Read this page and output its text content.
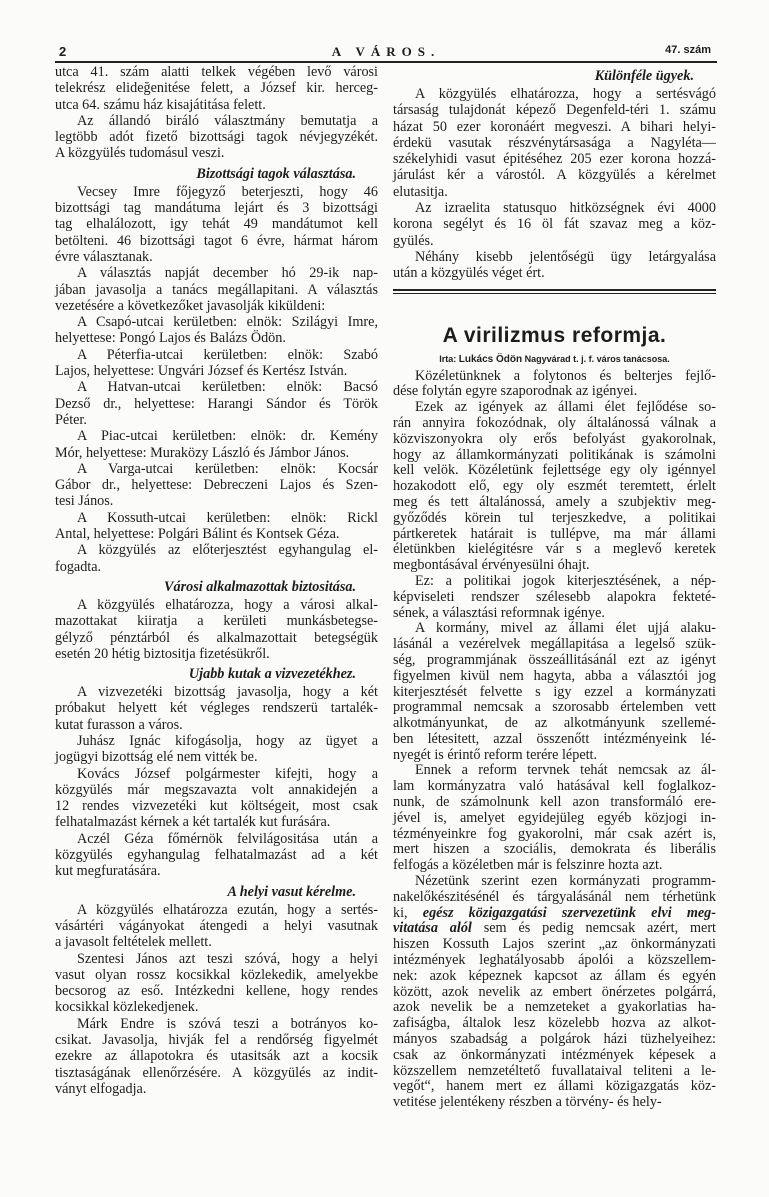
2	A VÁROS.	47. szám
utca 41. szám alatti telkek végében levő városi
telekrész elideğenitése felett, a József kir. herceg-
utca 64. számu ház kisajátitása felett.
Az állandó biráló választmány bemutatja a
legtöbb adót fizető bizottsági tagok névjegyzékét.
A közgyülés tudomásul veszi.
Bizottsági tagok választása.
Vecsey Imre főjegyző beterjeszti, hogy 46
bizottsági tag mandátuma lejárt és 3 bizottsági
tag elhalálozott, igy tehát 49 mandátumot kell
betölteni. 46 bizottsági tagot 6 évre, hármat három
évre választanak.
A választás napját december hó 29-ik nap-
jában javasolja a tanács megállapitani. A választás
vezetésére a következőket javasolják kiküldeni:
A Csapó-utcai kerületben: elnök: Szilágyi Imre,
helyettese: Pongó Lajos és Balázs Ödön.
A Péterfia-utcai kerületben: elnök: Szabó
Lajos, helyettese: Ungvári József és Kertész István.
A Hatvan-utcai kerületben: elnök: Bacsó
Dezső dr., helyettese: Harangi Sándor és Török
Péter.
A Piac-utcai kerületben: elnök: dr. Kemény
Mór, helyettese: Muraközy László és Jámbor János.
A Varga-utcai kerületben: elnök: Kocsár
Gábor dr., helyettese: Debreczeni Lajos és Szen-
tesi János.
A Kossuth-utcai kerületben: elnök: Rickl
Antal, helyettese: Polgári Bálint és Kontsek Géza.
A közgyülés az előterjesztést egyhangulag el-
fogadta.
Városi alkalmazottak biztositása.
A közgyülés elhatározza, hogy a városi alkal-
mazottakat kiiratja a kerületi munkásbetegse-
gélyző pénztárból és alkalmazottait betegségük
esetén 20 hétig biztositja fizetésükről.
Ujabb kutak a vizvezetékhez.
A vizvezetéki bizottság javasolja, hogy a két
próbakut helyett két végleges rendszerü tartalék-
kutat furasson a város.
Juhász Ignác kifogásolja, hogy az ügyet a
jogügyi bizottság elé nem vitték be.
Kovács József polgármester kifejti, hogy a
közgyülés már megszavazta volt annakidején a
12 rendes vizvezetéki kut költségeit, most csak
felhatalmazást kérnek a két tartalék kut furására.
Aczél Géza főmérnök felvilágositása után a
közgyülés egyhangulag felhatalmazást ad a két
kut megfuratására.
A helyi vasut kérelme.
A közgyülés elhatározza ezután, hogy a sertés-
vásártéri vágányokat átengedi a helyi vasutnak
a javasolt feltételek mellett.
Szentesi János azt teszi szóvá, hogy a helyi
vasut olyan rossz kocsikkal közlekedik, amelyekbe
becsorog az eső. Intézkedni kellene, hogy rendes
kocsikkal közlekedjenek.
Márk Endre is szóvá teszi a botrányos ko-
csikat. Javasolja, hivják fel a rendőrség figyelmét
ezekre az állapotokra és utasitsák azt a kocsik
tisztaságának ellenőrzésére. A közgyülés az indit-
ványt elfogadja.
Különféle ügyek.
A közgyülés elhatározza, hogy a sertésvágó
társaság tulajdonát képező Degenfeld-téri 1. számu
házat 50 ezer koronáért megveszi. A bihari helyi-
érdekü vasutak részvénytársasága a Nagyléta—
székelyhidi vasut épitéséhez 205 ezer korona hozzá-
járulást kér a várostól. A közgyülés a kérelmet
elutasitja.
Az izraelita statusquo hitközségnek évi 4000
korona segélyt és 16 öl fát szavaz meg a köz-
gyülés.
Néhány kisebb jelentőségü ügy letárgyalása
után a közgyülés véget ért.
A virilizmus reformja.
Irta: Lukács Ödön Nagyvárad t. j. f. város tanácsosa.
Közéletünknek a folytonos és belterjes fejlő-
dése folytán egyre szaporodnak az igényei.
Ezek az igények az állami élet fejlődése so-
rán annyira fokozódnak, oly általánossá válnak a
közviszonyokra oly erős befolyást gyakorolnak,
hogy az államkormányzati politikának is számolni
kell velök. Közéletünk fejlettsége egy oly igénnyel
hozakodott elő, egy oly eszmét teremtett, érlelt
meg és tett általánossá, amely a szubjektiv meg-
győződés körein tul terjeszkedve, a politikai
pártkeretek határait is tullépve, ma már állami
életünkben kielégitésre vár s a meglevő keretek
megbontásával érvényesülni óhajt.
Ez: a politikai jogok kiterjesztésének, a nép-
képviseleti rendszer szélesebb alapokra fekteté-
sének, a választási reformnak igénye.
A kormány, mivel az állami élet ujjá alaku-
lásánál a vezérelvek megállapitása a legelső szük-
ség, programmjának összeállitásánál ezt az igényt
figyelmen kivül nem hagyta, abba a választói jog
kiterjesztését felvette s igy ezzel a kormányzati
programmal nemcsak a szorosabb értelemben vett
alkotmányunkat, de az alkotmányunk szellemé-
ben létesitett, azzal összenőtt intézményeink lé-
nyegét is érintő reform terére lépett.
Ennek a reform tervnek tehát nemcsak az ál-
lam kormányzatra való hatásával kell foglalkoz-
nunk, de számolnunk kell azon transformáló ere-
jével is, amelyet egyidejüleg egyéb közjogi in-
tézményeinkre fog gyakorolni, már csak azért is,
mert hiszen a szociális, demokrata és liberális
felfogás a közéletben már is felszinre hozta azt.
Nézetünk szerint ezen kormányzati programm-
nakelőkészitésénél és tárgyalásánál nem térhetünk
ki, egész közigazgatási szervezetünk elvi meg-
vitatása alól sem és pedig nemcsak azért, mert
hiszen Kossuth Lajos szerint „az önkormányzati
intézmények leghatályosabb ápolói a közszellem-
nek: azok képeznek kapcsot az állam és egyén
között, azok nevelik az embert önérzetes polgárrá,
azok nevelik be a nemzeteket a gyakorlatias ha-
zafiságba, általok lesz közelebb hozva az alkot-
mányos szabadság a polgárok házi tüzhelyeihez:
csak az önkormányzati intézmények képesek a
közszellem nemzetéltető fuvallataival teliteni a le-
vegőt“, hanem mert ez állami közigazgatás köz-
vetitése jelentékeny részben a törvény- és hely-
